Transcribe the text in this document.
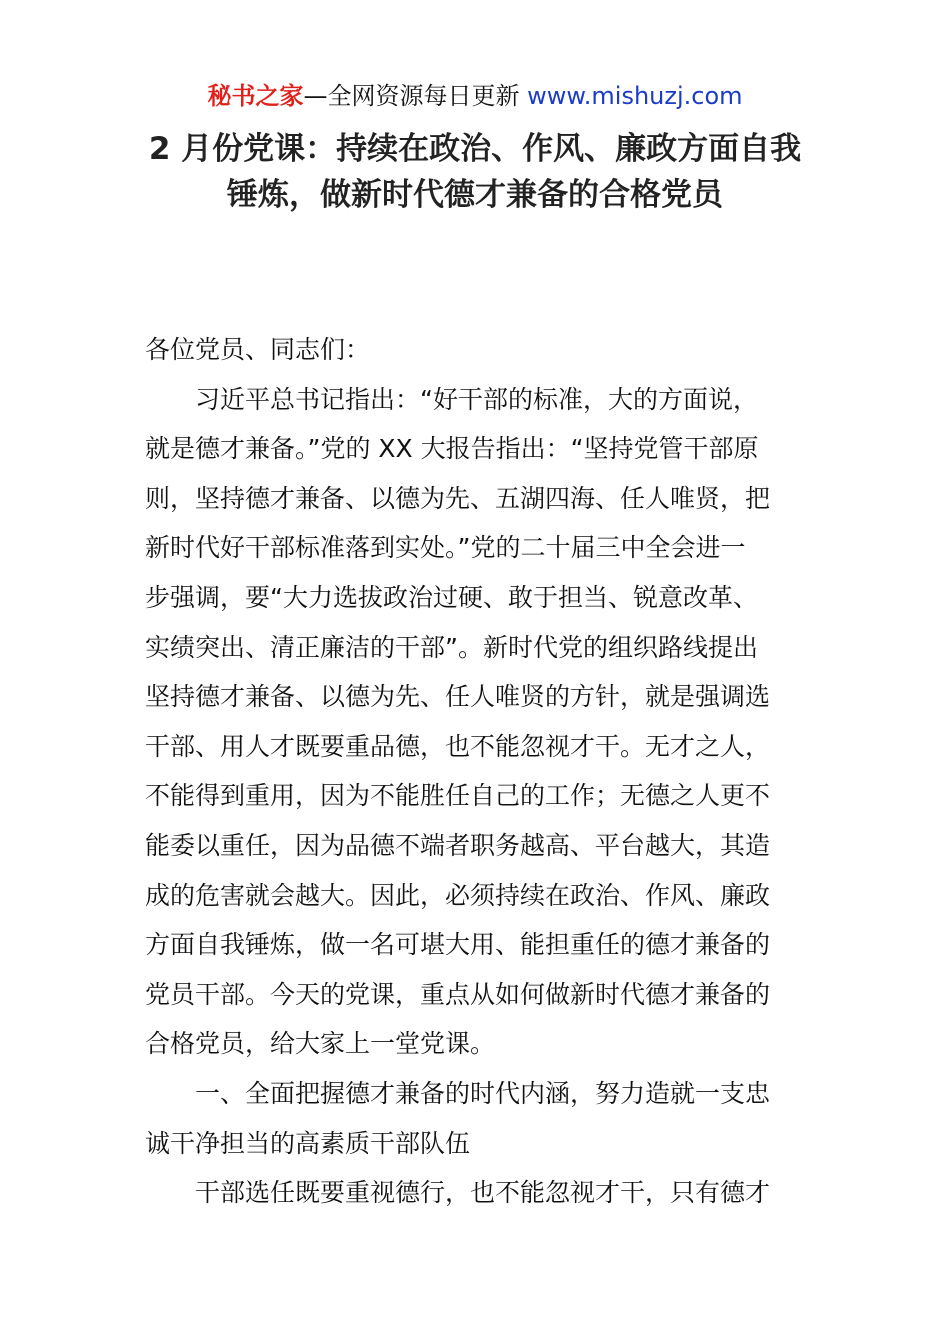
秘书之家—全网资源每日更新 www.mishuzj.com
2 月份党课：持续在政治、作风、廉政方面自我
锤炼，做新时代德才兼备的合格党员
各位党员、同志们：
习近平总书记指出：“好干部的标准，大的方面说，
就是德才兼备。”党的 XX 大报告指出：“坚持党管干部原
则，坚持德才兼备、以德为先、五湖四海、任人唯贤，把
新时代好干部标准落到实处。”党的二十届三中全会进一
步强调，要“大力选拔政治过硬、敢于担当、锐意改革、
实绩突出、清正廉洁的干部”。新时代党的组织路线提出
坚持德才兼备、以德为先、任人唯贤的方针，就是强调选
干部、用人才既要重品德，也不能忽视才干。无才之人，
不能得到重用，因为不能胜任自己的工作；无德之人更不
能委以重任，因为品德不端者职务越高、平台越大，其造
成的危害就会越大。因此，必须持续在政治、作风、廉政
方面自我锤炼，做一名可堪大用、能担重任的德才兼备的
党员干部。今天的党课，重点从如何做新时代德才兼备的
合格党员，给大家上一堂党课。
一、全面把握德才兼备的时代内涵，努力造就一支忠
诚干净担当的高素质干部队伍
干部选任既要重视德行，也不能忽视才干，只有德才
